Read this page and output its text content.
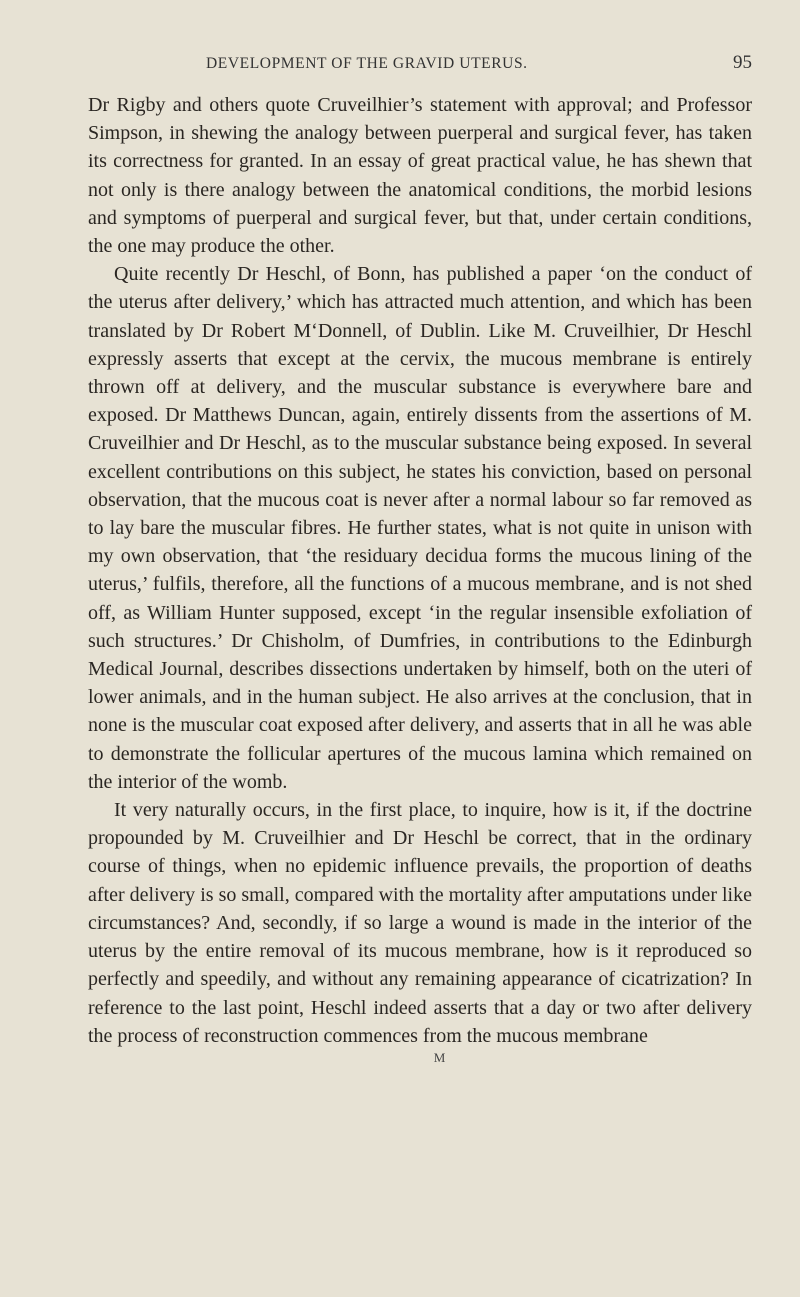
DEVELOPMENT OF THE GRAVID UTERUS.	95

Dr Rigby and others quote Cruveilhier’s statement with approval; and Professor Simpson, in shewing the analogy between puerperal and surgical fever, has taken its correctness for granted. In an essay of great practical value, he has shewn that not only is there analogy between the anatomical conditions, the morbid lesions and symptoms of puerperal and surgical fever, but that, under certain conditions, the one may produce the other.

Quite recently Dr Heschl, of Bonn, has published a paper ‘on the conduct of the uterus after delivery,’ which has attracted much attention, and which has been translated by Dr Robert M‘Donnell, of Dublin. Like M. Cruveilhier, Dr Heschl expressly asserts that except at the cervix, the mucous membrane is entirely thrown off at delivery, and the muscular substance is everywhere bare and exposed. Dr Matthews Duncan, again, entirely dissents from the assertions of M. Cruveilhier and Dr Heschl, as to the muscular substance being exposed. In several excellent contributions on this subject, he states his conviction, based on personal observation, that the mucous coat is never after a normal labour so far removed as to lay bare the muscular fibres. He further states, what is not quite in unison with my own observation, that ‘the residuary decidua forms the mucous lining of the uterus,’ fulfils, therefore, all the functions of a mucous membrane, and is not shed off, as William Hunter supposed, except ‘in the regular insensible exfoliation of such structures.’ Dr Chisholm, of Dumfries, in contributions to the Edinburgh Medical Journal, describes dissections undertaken by himself, both on the uteri of lower animals, and in the human subject. He also arrives at the conclusion, that in none is the muscular coat exposed after delivery, and asserts that in all he was able to demonstrate the follicular apertures of the mucous lamina which remained on the interior of the womb.

It very naturally occurs, in the first place, to inquire, how is it, if the doctrine propounded by M. Cruveilhier and Dr Heschl be correct, that in the ordinary course of things, when no epidemic influence prevails, the proportion of deaths after delivery is so small, compared with the mortality after amputations under like circumstances? And, secondly, if so large a wound is made in the interior of the uterus by the entire removal of its mucous membrane, how is it reproduced so perfectly and speedily, and without any remaining appearance of cicatrization? In reference to the last point, Heschl indeed asserts that a day or two after delivery the process of reconstruction commences from the mucous membrane

M
